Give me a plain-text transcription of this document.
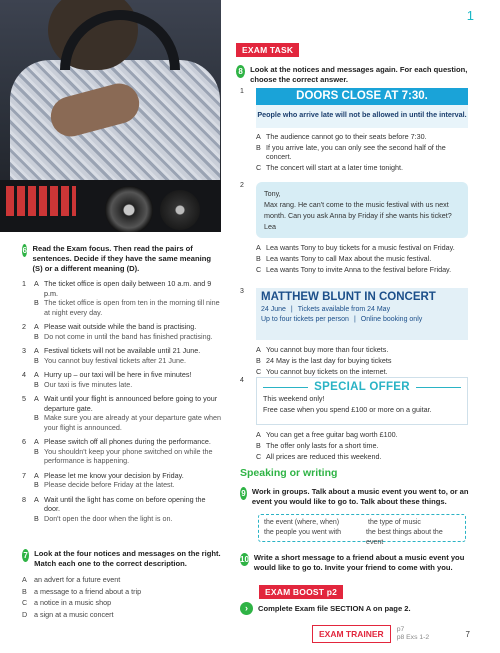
1
6 Read the Exam focus. Then read the pairs of sentences. Decide if they have the same meaning (S) or a different meaning (D).
1	A The ticket office is open daily between 10 a.m. and 9 p.m.
B The ticket office is open from ten in the morning till nine at night every day.
2	A Please wait outside while the band is practising.
B Do not come in until the band has finished practising.
3	A Festival tickets will not be available until 21 June.
B You cannot buy festival tickets after 21 June.
4	A Hurry up – our taxi will be here in five minutes!
B Our taxi is five minutes late.
5	A Wait until your flight is announced before going to your departure gate.
B Make sure you are already at your departure gate when your flight is announced.
6	A Please switch off all phones during the performance.
B You shouldn't keep your phone switched on while the performance is happening.
7	A Please let me know your decision by Friday.
B Please decide before Friday at the latest.
8	A Wait until the light has come on before opening the door.
B Don't open the door when the light is on.
7 Look at the four notices and messages on the right. Match each one to the correct description.
A	an advert for a future event
B	a message to a friend about a trip
C a notice in a music shop
D a sign at a music concert
EXAM TASK
8 Look at the notices and messages again. For each question, choose the correct answer.
1	DOORS CLOSE AT 7:30.
People who arrive late will not be allowed in until the interval.
A The audience cannot go to their seats before 7:30.
B If you arrive late, you can only see the second half of the concert.
C The concert will start at a later time tonight.
2
Tony,
Max rang. He can't come to the music festival with us next month. Can you ask Anna by Friday if she wants his ticket?
Lea
A Lea wants Tony to buy tickets for a music festival on Friday.
B Lea wants Tony to call Max about the music festival.
C Lea wants Tony to invite Anna to the festival before Friday.
3 MATTHEW BLUNT IN CONCERT
24 June | Tickets available from 24 May
Up to four tickets per person | Online booking only
A You cannot buy more than four tickets.
B 24 May is the last day for buying tickets
C You cannot buy tickets on the internet.
4
SPECIAL OFFER
This weekend only!
Free case when you spend £100 or more on a guitar.
A You can get a free guitar bag worth £100.
B The offer only lasts for a short time.
C All prices are reduced this weekend.
Speaking or writing
9 Work in groups. Talk about a music event you went to, or an event you would like to go to. Talk about these things.
the event (where, when)	the type of music
the people you went with	the best things about the event
10 Write a short message to a friend about a music event you would like to go to. Invite your friend to come with you.
EXAM BOOST p2
›	Complete Exam file SECTION A on page 2.
EXAM TRAINER	p7
p8 Exs 1-2	7
